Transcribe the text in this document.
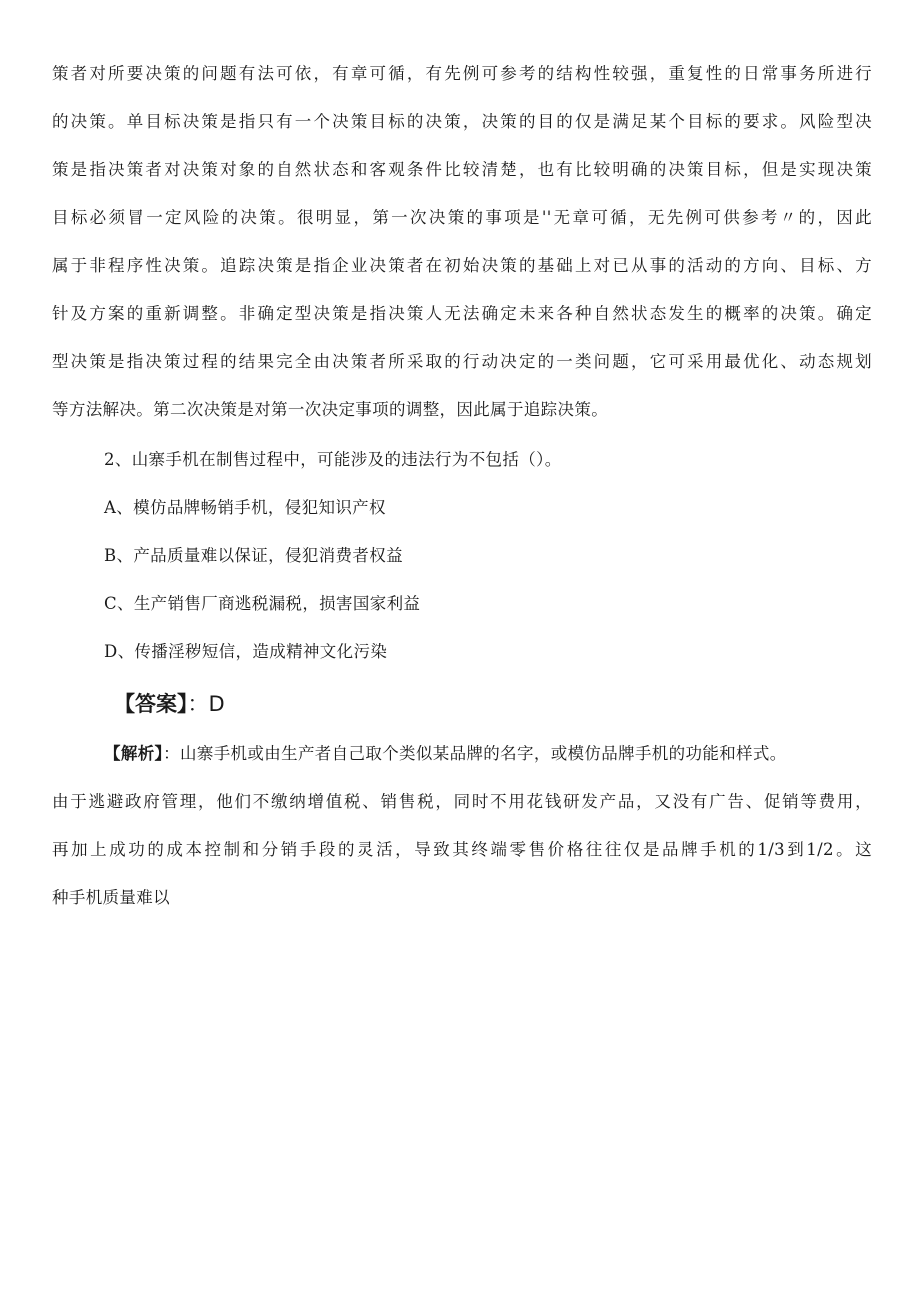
策者对所要决策的问题有法可依，有章可循，有先例可参考的结构性较强，重复性的日常事务所进行
的决策。单目标决策是指只有一个决策目标的决策，决策的目的仅是满足某个目标的要求。风险型决
策是指决策者对决策对象的自然状态和客观条件比较清楚，也有比较明确的决策目标，但是实现决策
目标必须冒一定风险的决策。很明显，第一次决策的事项是''无章可循，无先例可供参考〃的，因此
属于非程序性决策。追踪决策是指企业决策者在初始决策的基础上对已从事的活动的方向、目标、方
针及方案的重新调整。非确定型决策是指决策人无法确定未来各种自然状态发生的概率的决策。确定
型决策是指决策过程的结果完全由决策者所采取的行动决定的一类问题，它可采用最优化、动态规划
等方法解决。第二次决策是对第一次决定事项的调整，因此属于追踪决策。
2、山寨手机在制售过程中，可能涉及的违法行为不包括（）。
A、模仿品牌畅销手机，侵犯知识产权
B、产品质量难以保证，侵犯消费者权益
C、生产销售厂商逃税漏税，损害国家利益
D、传播淫秽短信，造成精神文化污染
【答案】：D
【解析】：山寨手机或由生产者自己取个类似某品牌的名字，或模仿品牌手机的功能和样式。
由于逃避政府管理，他们不缴纳增值税、销售税，同时不用花钱研发产品，又没有广告、促销等费用，
再加上成功的成本控制和分销手段的灵活，导致其终端零售价格往往仅是品牌手机的1/3到1/2。这
种手机质量难以
